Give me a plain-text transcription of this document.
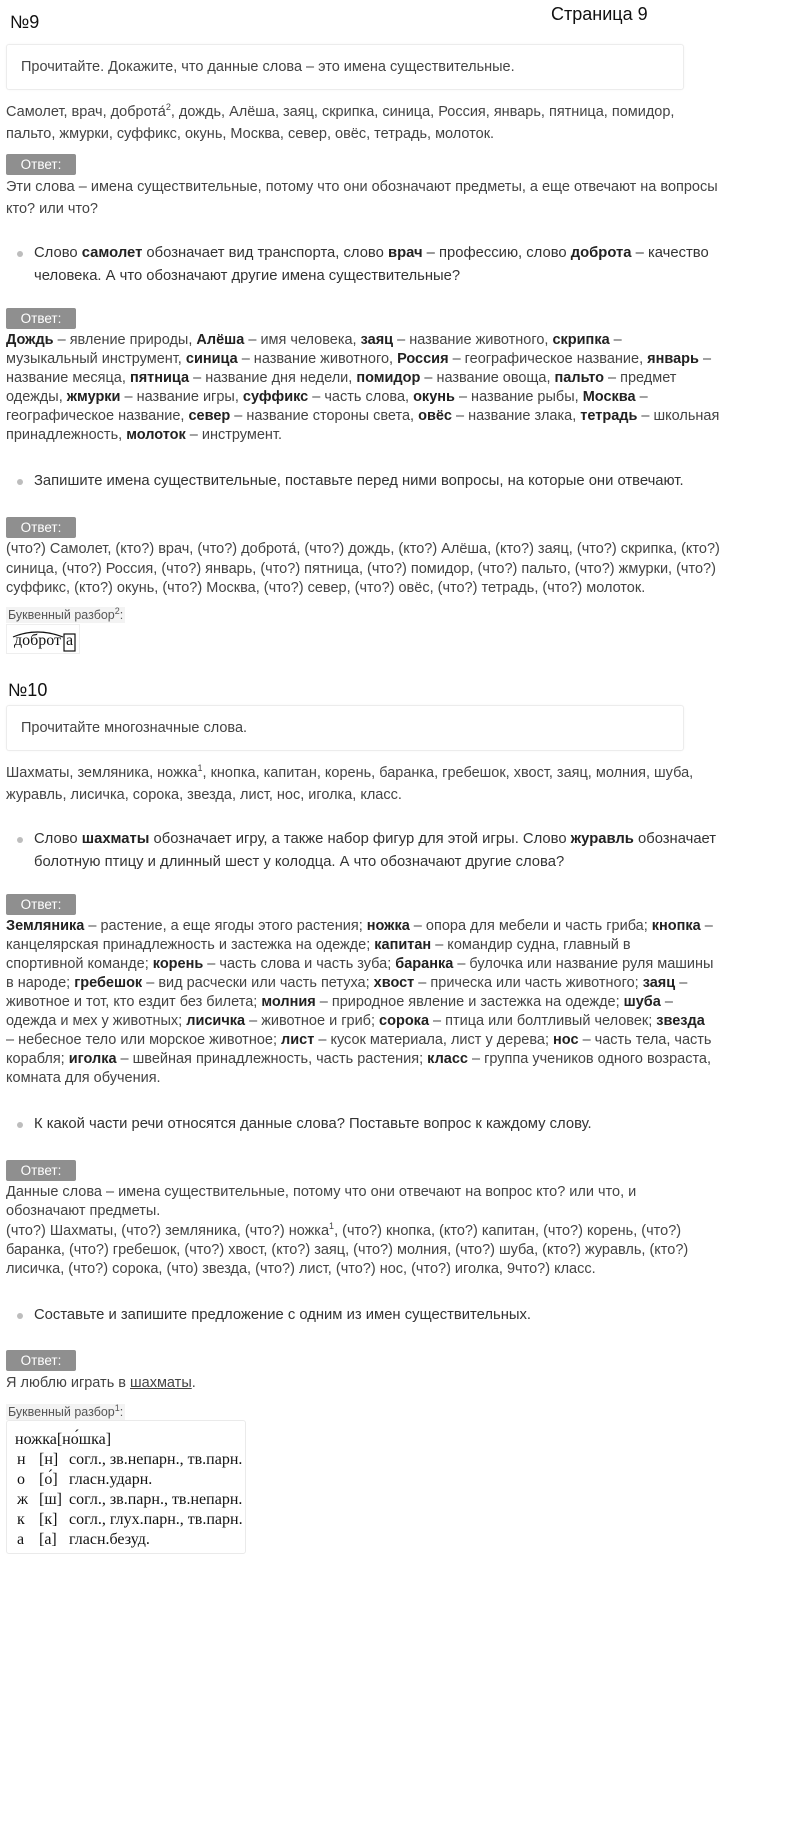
№9	Страница 9
Прочитайте. Докажите, что данные слова – это имена существительные.
Самолет, врач, доброта́$^2$, дождь, Алёша, заяц, скрипка, синица, Россия, январь, пятница, помидор,
пальто, жмурки, суффикс, окунь, Москва, север, овёс, тетрадь, молоток.
Ответ:
Эти слова – имена существительные, потому что они обозначают предметы, а еще отвечают на вопросы
кто? или что?
Слово самолет обозначает вид транспорта, слово врач – профессию, слово доброта – качество
человека. А что обозначают другие имена существительные?
Ответ:
Дождь – явление природы, Алёша – имя человека, заяц – название животного, скрипка –
музыкальный инструмент, синица – название животного, Россия – географическое название, январь –
название месяца, пятница – название дня недели, помидор – название овоща, пальто – предмет
одежды, жмурки – название игры, суффикс – часть слова, окунь – название рыбы, Москва –
географическое название, север – название стороны света, овёс – название злака, тетрадь – школьная
принадлежность, молоток – инструмент.
Запишите имена существительные, поставьте перед ними вопросы, на которые они отвечают.
Ответ:
(что?) Самолет, (кто?) врач, (что?) доброта́, (что?) дождь, (кто?) Алёша, (кто?) заяц, (что?) скрипка, (кто?)
синица, (что?) Россия, (что?) январь, (что?) пятница, (что?) помидор, (что?) пальто, (что?) жмурки, (что?)
суффикс, (кто?) окунь, (что?) Москва, (что?) север, (что?) овёс, (что?) тетрадь, (что?) молоток.
Буквенный разбор$^2$:
доброт а
№10
Прочитайте многозначные слова.
Шахматы, земляника, ножка$^1$, кнопка, капитан, корень, баранка, гребешок, хвост, заяц, молния, шуба,
журавль, лисичка, сорока, звезда, лист, нос, иголка, класс.
Слово шахматы обозначает игру, а также набор фигур для этой игры. Слово журавль обозначает
болотную птицу и длинный шест у колодца. А что обозначают другие слова?
Ответ:
Земляника – растение, а еще ягоды этого растения; ножка – опора для мебели и часть гриба; кнопка –
канцелярская принадлежность и застежка на одежде; капитан – командир судна, главный в
спортивной команде; корень – часть слова и часть зуба; баранка – булочка или название руля машины
в народе; гребешок – вид расчески или часть петуха; хвост – прическа или часть животного; заяц –
животное и тот, кто ездит без билета; молния – природное явление и застежка на одежде; шуба –
одежда и мех у животных; лисичка – животное и гриб; сорока – птица или болтливый человек; звезда
– небесное тело или морское животное; лист – кусок материала, лист у дерева; нос – часть тела, часть
корабля; иголка – швейная принадлежность, часть растения; класс – группа учеников одного возраста,
комната для обучения.
К какой части речи относятся данные слова? Поставьте вопрос к каждому слову.
Ответ:
Данные слова – имена существительные, потому что они отвечают на вопрос кто? или что, и
обозначают предметы.
(что?) Шахматы, (что?) земляника, (что?) ножка$^1$, (что?) кнопка, (кто?) капитан, (что?) корень, (что?)
баранка, (что?) гребешок, (что?) хвост, (кто?) заяц, (что?) молния, (что?) шуба, (кто?) журавль, (кто?)
лисичка, (что?) сорока, (что) звезда, (что?) лист, (что?) нос, (что?) иголка, 9что?) класс.
Составьте и запишите предложение с одним из имен существительных.
Ответ:
Я люблю играть в шахматы.
Буквенный разбор$^1$:
ножка[но́шка]
н [н] согл., зв.непарн., тв.парн.
о [о́] гласн.ударн.
ж [ш] согл., зв.парн., тв.непарн.
к [к] согл., глух.парн., тв.парн.
а [а] гласн.безуд.
